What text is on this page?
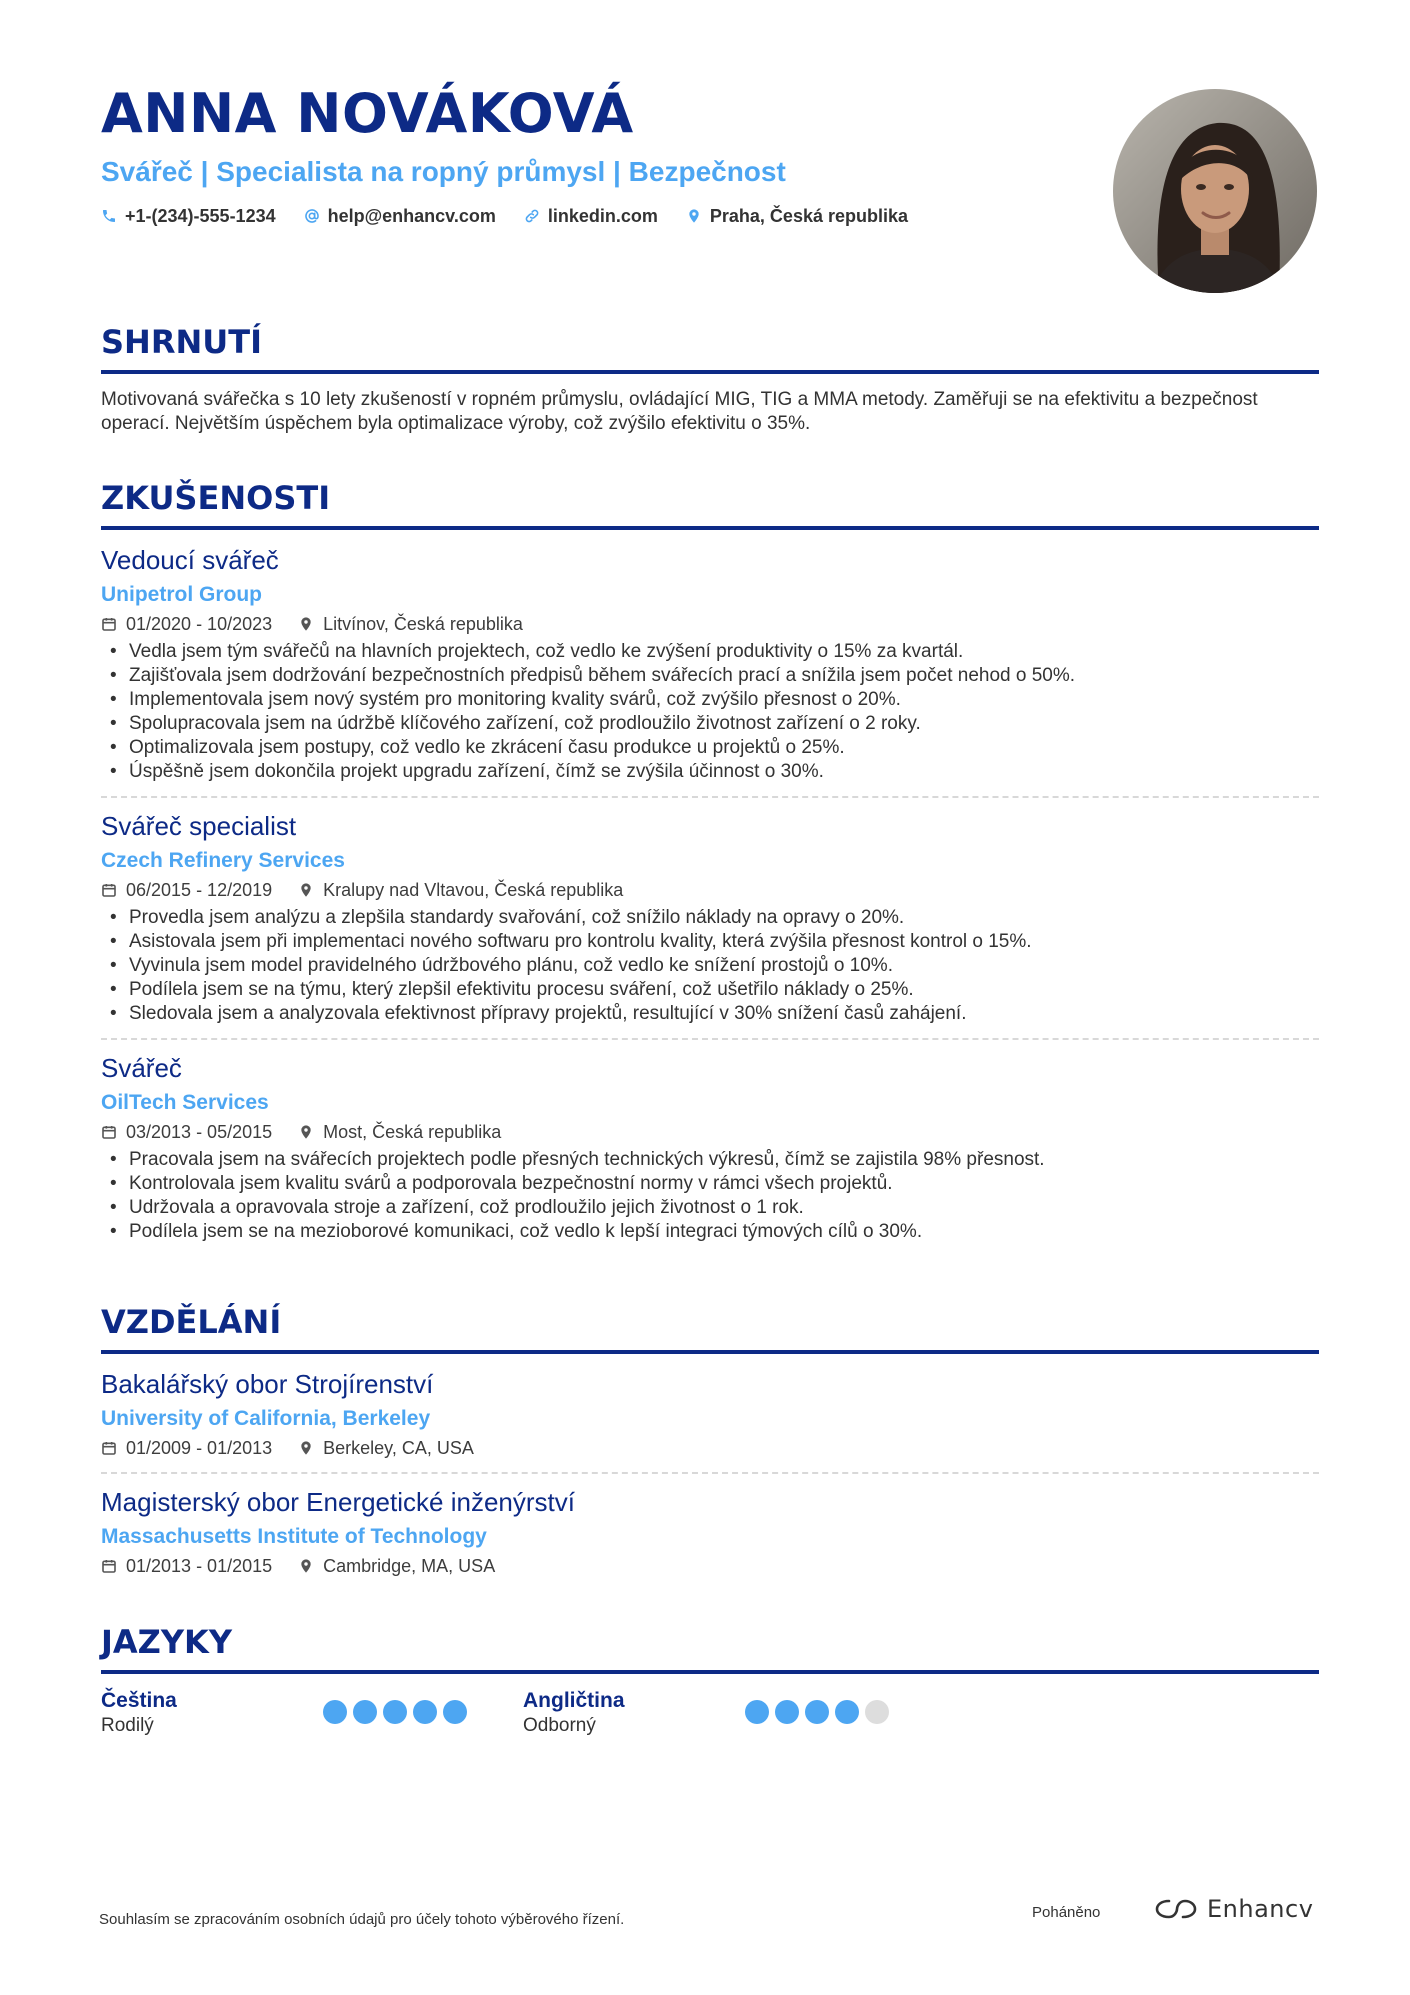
ANNA NOVÁKOVÁ
Svářeč | Specialista na ropný průmysl | Bezpečnost
+1-(234)-555-1234	help@enhancv.com	linkedin.com	Praha, Česká republika
SHRNUTÍ
Motivovaná svářečka s 10 lety zkušeností v ropném průmyslu, ovládající MIG, TIG a MMA metody. Zaměřuji se na efektivitu a bezpečnost operací. Největším úspěchem byla optimalizace výroby, což zvýšilo efektivitu o 35%.
ZKUŠENOSTI
Vedoucí svářeč
Unipetrol Group
01/2020 - 10/2023	Litvínov, Česká republika
• Vedla jsem tým svářečů na hlavních projektech, což vedlo ke zvýšení produktivity o 15% za kvartál.
• Zajišťovala jsem dodržování bezpečnostních předpisů během svářecích prací a snížila jsem počet nehod o 50%.
• Implementovala jsem nový systém pro monitoring kvality svárů, což zvýšilo přesnost o 20%.
• Spolupracovala jsem na údržbě klíčového zařízení, což prodloužilo životnost zařízení o 2 roky.
• Optimalizovala jsem postupy, což vedlo ke zkrácení času produkce u projektů o 25%.
• Úspěšně jsem dokončila projekt upgradu zařízení, čímž se zvýšila účinnost o 30%.
Svářeč specialist
Czech Refinery Services
06/2015 - 12/2019	Kralupy nad Vltavou, Česká republika
• Provedla jsem analýzu a zlepšila standardy svařování, což snížilo náklady na opravy o 20%.
• Asistovala jsem při implementaci nového softwaru pro kontrolu kvality, která zvýšila přesnost kontrol o 15%.
• Vyvinula jsem model pravidelného údržbového plánu, což vedlo ke snížení prostojů o 10%.
• Podílela jsem se na týmu, který zlepšil efektivitu procesu sváření, což ušetřilo náklady o 25%.
• Sledovala jsem a analyzovala efektivnost přípravy projektů, resultující v 30% snížení časů zahájení.
Svářeč
OilTech Services
03/2013 - 05/2015	Most, Česká republika
• Pracovala jsem na svářecích projektech podle přesných technických výkresů, čímž se zajistila 98% přesnost.
• Kontrolovala jsem kvalitu svárů a podporovala bezpečnostní normy v rámci všech projektů.
• Udržovala a opravovala stroje a zařízení, což prodloužilo jejich životnost o 1 rok.
• Podílela jsem se na mezioborové komunikaci, což vedlo k lepší integraci týmových cílů o 30%.
VZDĚLÁNÍ
Bakalářský obor Strojírenství
University of California, Berkeley
01/2009 - 01/2013	Berkeley, CA, USA
Magisterský obor Energetické inženýrství
Massachusetts Institute of Technology
01/2013 - 01/2015	Cambridge, MA, USA
JAZYKY
Čeština
Rodilý
Angličtina
Odborný
Souhlasím se zpracováním osobních údajů pro účely tohoto výběrového řízení.	Poháněno	Enhancv
